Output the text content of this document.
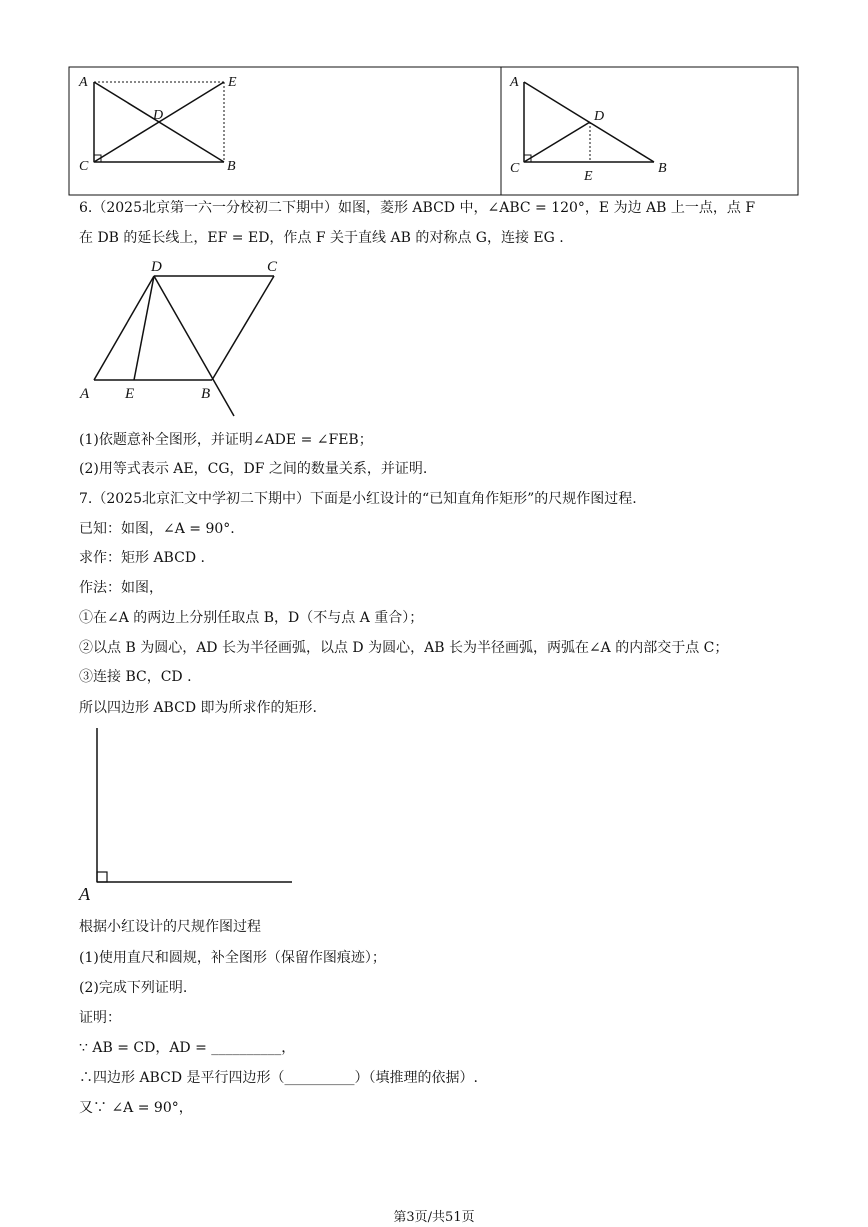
A	E
D
C	B
A
D
C
E
B
6.（2025北京第一六一分校初二下期中）如图，菱形 ABCD 中，∠ABC = 120°，E 为边 AB 上一点，点 F
在 DB 的延长线上，EF = ED，作点 F 关于直线 AB 的对称点 G，连接 EG .
D	C
A E	B
(1)依题意补全图形，并证明∠ADE = ∠FEB；
(2)用等式表示 AE，CG，DF 之间的数量关系，并证明.
7.（2025北京汇文中学初二下期中）下面是小红设计的“已知直角作矩形”的尺规作图过程.
已知：如图，∠A = 90°.
求作：矩形 ABCD .
作法：如图，
①在∠A 的两边上分别任取点 B，D（不与点 A 重合）；
②以点 B 为圆心，AD 长为半径画弧，以点 D 为圆心，AB 长为半径画弧，两弧在∠A 的内部交于点 C；
③连接 BC，CD .
所以四边形 ABCD 即为所求作的矩形.
A
根据小红设计的尺规作图过程
(1)使用直尺和圆规，补全图形（保留作图痕迹）；
(2)完成下列证明.
证明：
∵ AB = CD，AD = __________，
∴四边形 ABCD 是平行四边形（__________）（填推理的依据）.
又∵ ∠A = 90°，
第3页/共51页
